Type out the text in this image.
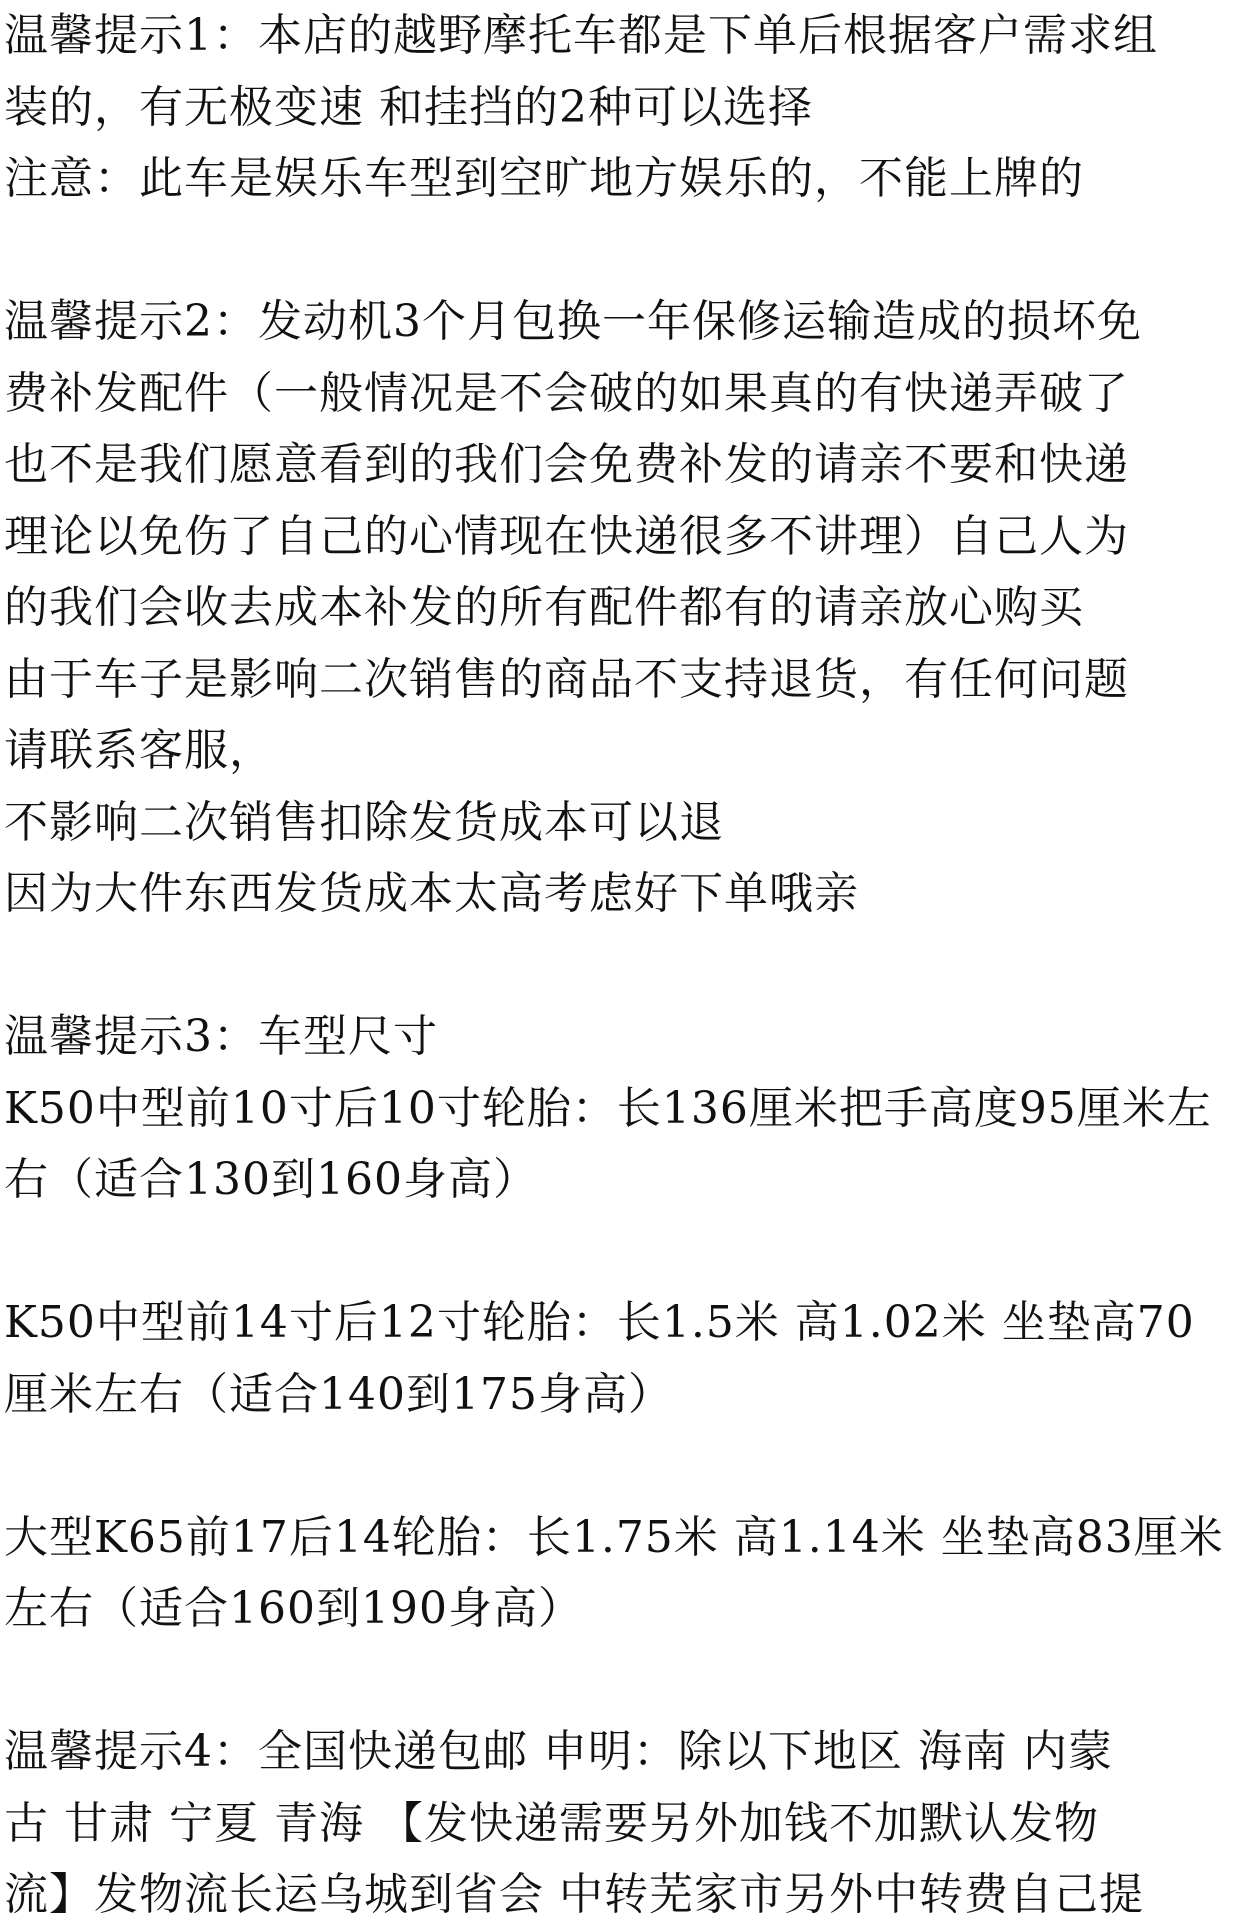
温馨提示1：本店的越野摩托车都是下单后根据客户需求组
装的，有无极变速 和挂挡的2种可以选择
注意：此车是娱乐车型到空旷地方娱乐的，不能上牌的
温馨提示2：发动机3个月包换一年保修运输造成的损坏免
费补发配件（一般情况是不会破的如果真的有快递弄破了
也不是我们愿意看到的我们会免费补发的请亲不要和快递
理论以免伤了自己的心情现在快递很多不讲理）自己人为
的我们会收去成本补发的所有配件都有的请亲放心购买
由于车子是影响二次销售的商品不支持退货，有任何问题
请联系客服，
不影响二次销售扣除发货成本可以退
因为大件东西发货成本太高考虑好下单哦亲
温馨提示3：车型尺寸
K50中型前10寸后10寸轮胎：长136厘米把手高度95厘米左
右（适合130到160身高）
K50中型前14寸后12寸轮胎：长1.5米 高1.02米 坐垫高70
厘米左右（适合140到175身高）
大型K65前17后14轮胎：长1.75米 高1.14米 坐垫高83厘米
左右（适合160到190身高）
温馨提示4：全国快递包邮 申明：除以下地区 海南 内蒙
古 甘肃 宁夏 青海 【发快递需要另外加钱不加默认发物
流】发物流长运乌城到省会 中转芜家市另外中转费自己提
